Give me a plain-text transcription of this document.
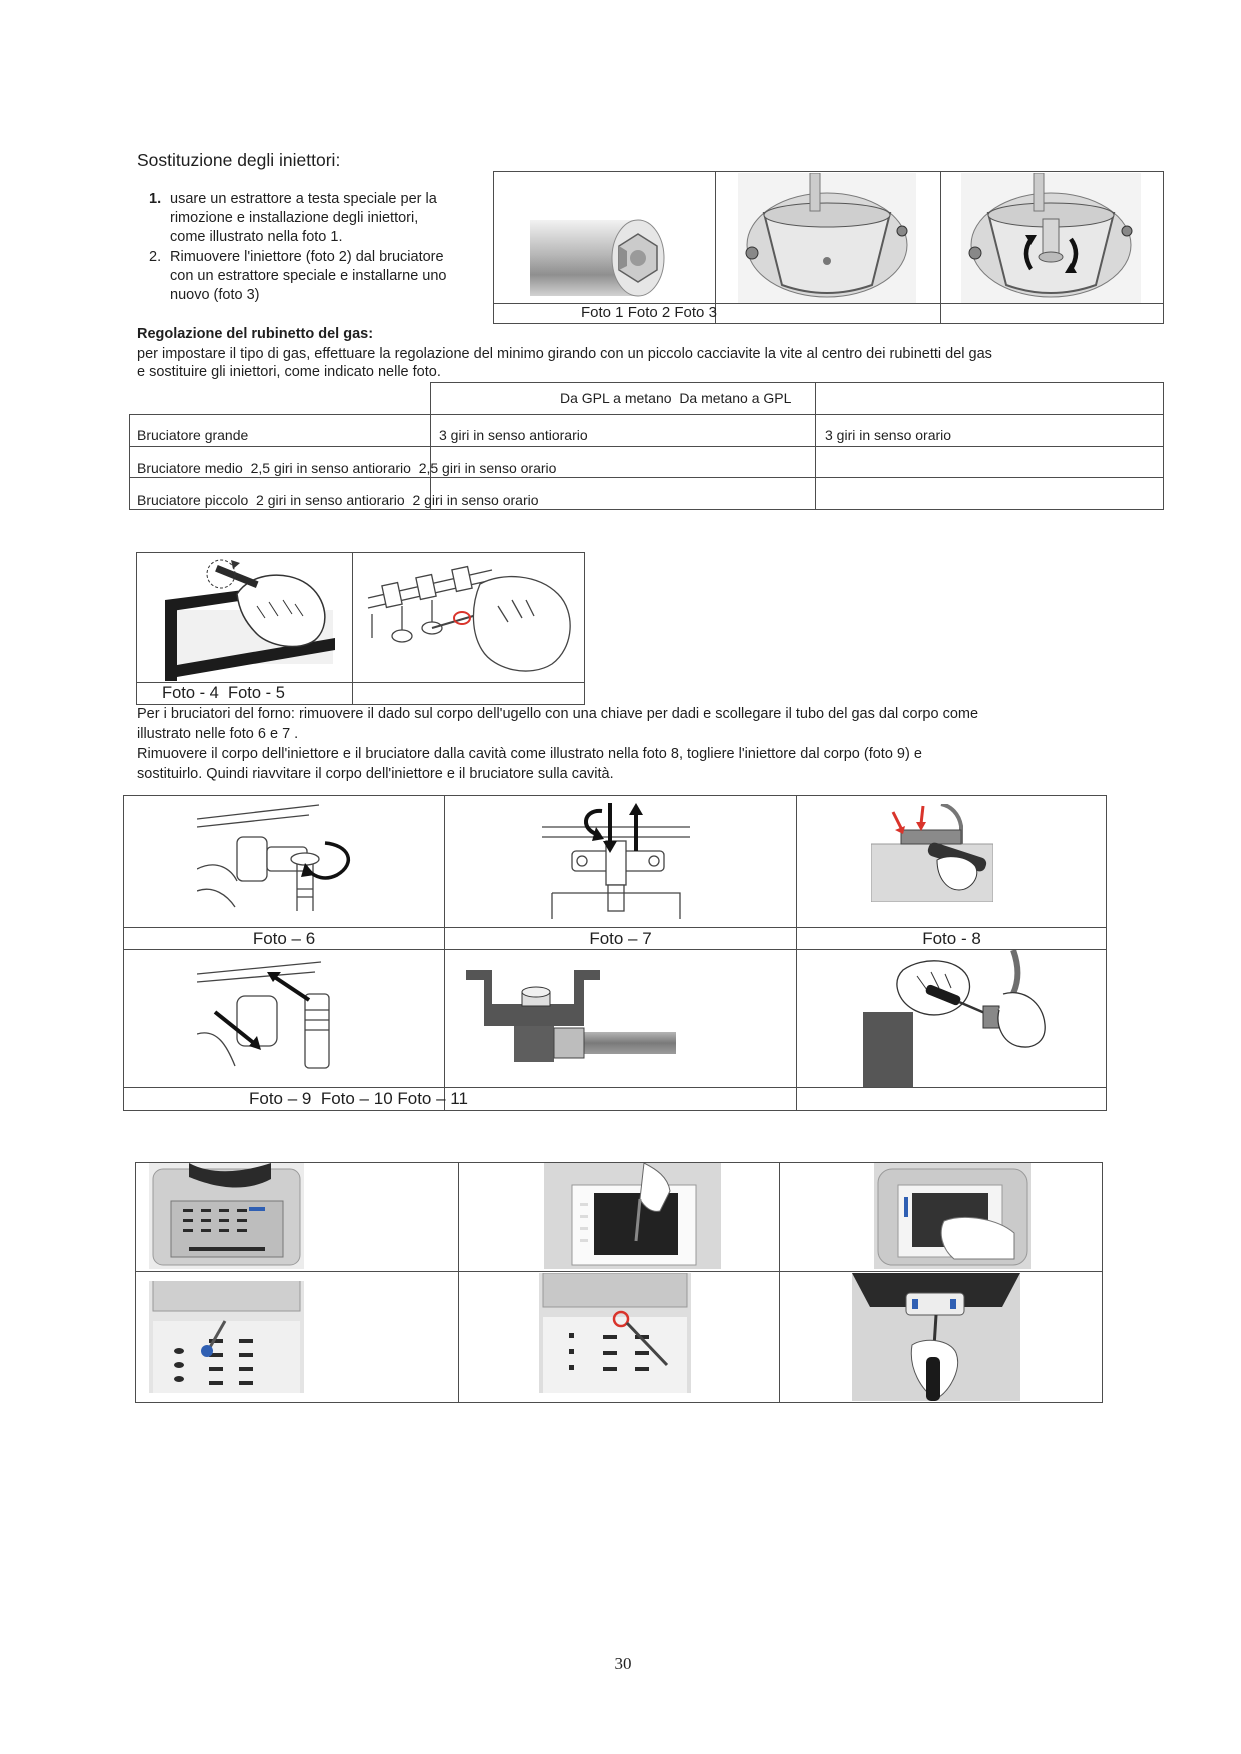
Sostituzione degli iniettori:
1. usare un estrattore a testa speciale per la
rimozione e installazione degli iniettori,
come illustrato nella foto 1.
2. Rimuovere l'iniettore (foto 2) dal bruciatore
con un estrattore speciale e installarne uno
nuovo (foto 3)
Foto 1 Foto 2 Foto 3
Regolazione del rubinetto del gas:
per impostare il tipo di gas, effettuare la regolazione del minimo girando con un piccolo cacciavite la vite al centro dei rubinetti del gas
e sostituire gli iniettori, come indicato nelle foto.
Da GPL a metano  Da metano a GPL
Bruciatore grande	3 giri in senso antiorario	3 giri in senso orario
Bruciatore medio  2,5 giri in senso antiorario  2,5 giri in senso orario
Bruciatore piccolo  2 giri in senso antiorario  2 giri in senso orario
Foto - 4  Foto - 5
Per i bruciatori del forno: rimuovere il dado sul corpo dell'ugello con una chiave per dadi e scollegare il tubo del gas dal corpo come
illustrato nelle foto 6 e 7 .
Rimuovere il corpo dell'iniettore e il bruciatore dalla cavità come illustrato nella foto 8, togliere l'iniettore dal corpo (foto 9) e
sostituirlo. Quindi riavvitare il corpo dell'iniettore e il bruciatore sulla cavità.
Foto – 6	Foto – 7	Foto - 8
Foto – 9  Foto – 10 Foto – 11
30
